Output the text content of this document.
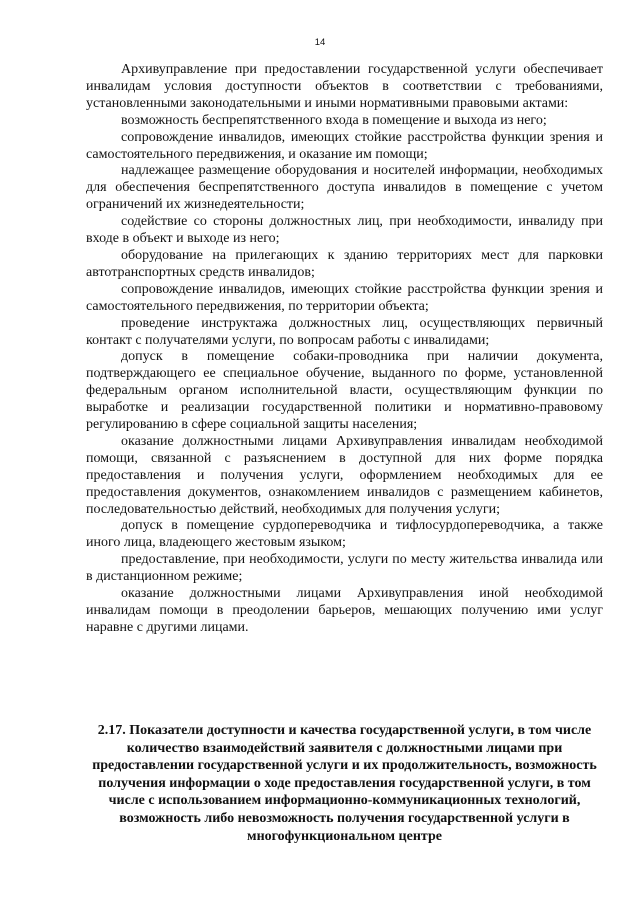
14

Архивуправление при предоставлении государственной услуги обеспечивает инвалидам условия доступности объектов в соответствии с требованиями, установленными законодательными и иными нормативными правовыми актами:

возможность беспрепятственного входа в помещение и выхода из него;

сопровождение инвалидов, имеющих стойкие расстройства функции зрения и самостоятельного передвижения, и оказание им помощи;

надлежащее размещение оборудования и носителей информации, необходимых для обеспечения беспрепятственного доступа инвалидов в помещение с учетом ограничений их жизнедеятельности;

содействие со стороны должностных лиц, при необходимости, инвалиду при входе в объект и выходе из него;

оборудование на прилегающих к зданию территориях мест для парковки автотранспортных средств инвалидов;

сопровождение инвалидов, имеющих стойкие расстройства функции зрения и самостоятельного передвижения, по территории объекта;

проведение инструктажа должностных лиц, осуществляющих первичный контакт с получателями услуги, по вопросам работы с инвалидами;

допуск в помещение собаки-проводника при наличии документа, подтверждающего ее специальное обучение, выданного по форме, установленной федеральным органом исполнительной власти, осуществляющим функции по выработке и реализации государственной политики и нормативно-правовому регулированию в сфере социальной защиты населения;

оказание должностными лицами Архивуправления инвалидам необходимой помощи, связанной с разъяснением в доступной для них форме порядка предоставления и получения услуги, оформлением необходимых для ее предоставления документов, ознакомлением инвалидов с размещением кабинетов, последовательностью действий, необходимых для получения услуги;

допуск в помещение сурдопереводчика и тифлосурдопереводчика, а также иного лица, владеющего жестовым языком;

предоставление, при необходимости, услуги по месту жительства инвалида или в дистанционном режиме;

оказание должностными лицами Архивуправления иной необходимой инвалидам помощи в преодолении барьеров, мешающих получению ими услуг наравне с другими лицами.

2.17. Показатели доступности и качества государственной услуги, в том числе количество взаимодействий заявителя с должностными лицами при предоставлении государственной услуги и их продолжительность, возможность получения информации о ходе предоставления государственной услуги, в том числе с использованием информационно-коммуникационных технологий, возможность либо невозможность получения государственной услуги в многофункциональном центре
